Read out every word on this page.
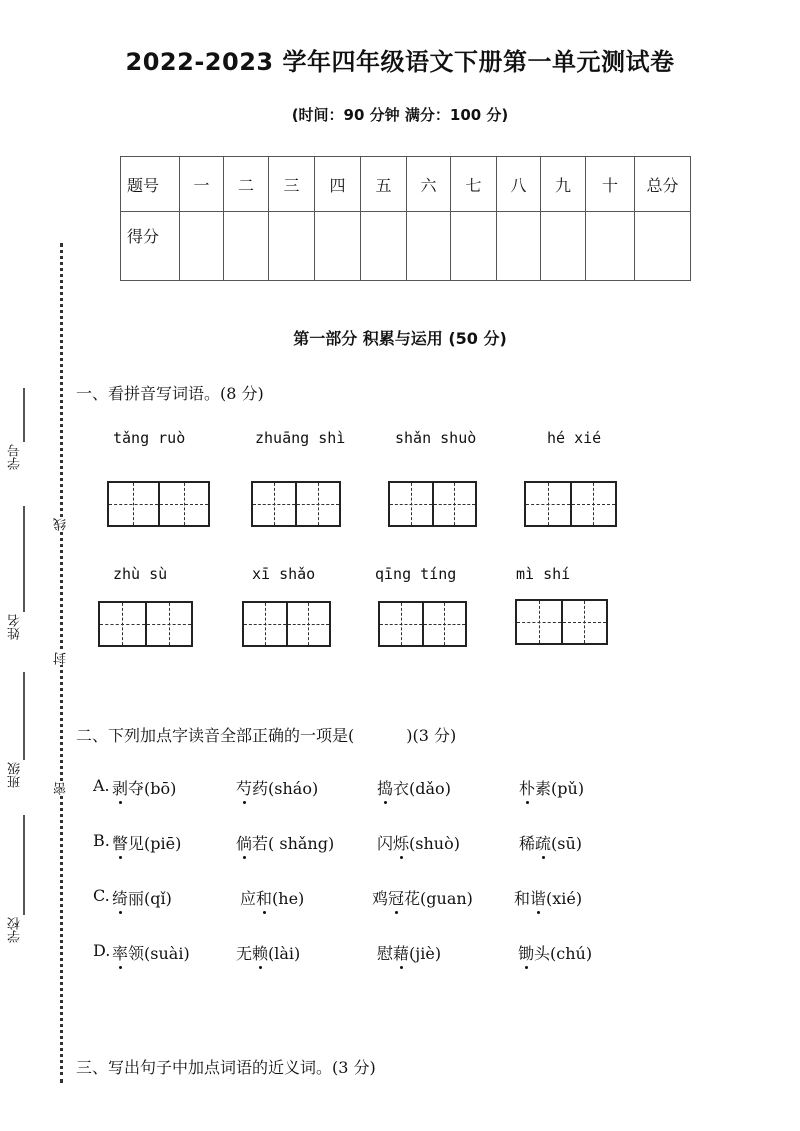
2022-2023 学年四年级语文下册第一单元测试卷
(时间：90 分钟 满分：100 分)
题号	一	二	三	四	五	六	七	八	九	十	总分
得分											
线
封
密
学号
姓名
班级
学校
第一部分 积累与运用 (50 分)
一、看拼音写词语。(8 分)
tǎng ruò	zhuāng shì	shǎn shuò	hé xié
zhù sù	xī shǎo	qīng tíng	mì shí
二、下列加点字读音全部正确的一项是(	)(3 分)
A. 剥夺(bō)	芍药(sháo)	捣衣(dǎo)	朴素(pǔ)
B. 瞥见(piē)	倘若( shǎng)	闪烁(shuò)	稀疏(sū)
C. 绮丽(qǐ)	应和(he)	鸡冠花(guan)	和谐(xié)
D. 率领(suài)	无赖(lài)	慰藉(jiè)	锄头(chú)
三、写出句子中加点词语的近义词。(3 分)
